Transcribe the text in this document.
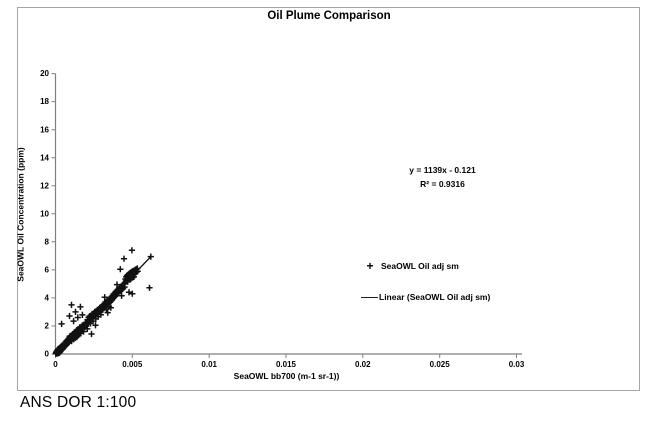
Oil Plume Comparison
0
2
4
6
8
10
12
14
16
18
20
0	0.005	0.01	0.015	0.02	0.025	0.03
SeaOWL Oil Concentration (ppm)
SeaOWL bb700 (m-1 sr-1))
y = 1139x - 0.121
R² = 0.9316
+ SeaOWL Oil adj sm
Linear (SeaOWL Oil adj sm)
ANS DOR 1:100
